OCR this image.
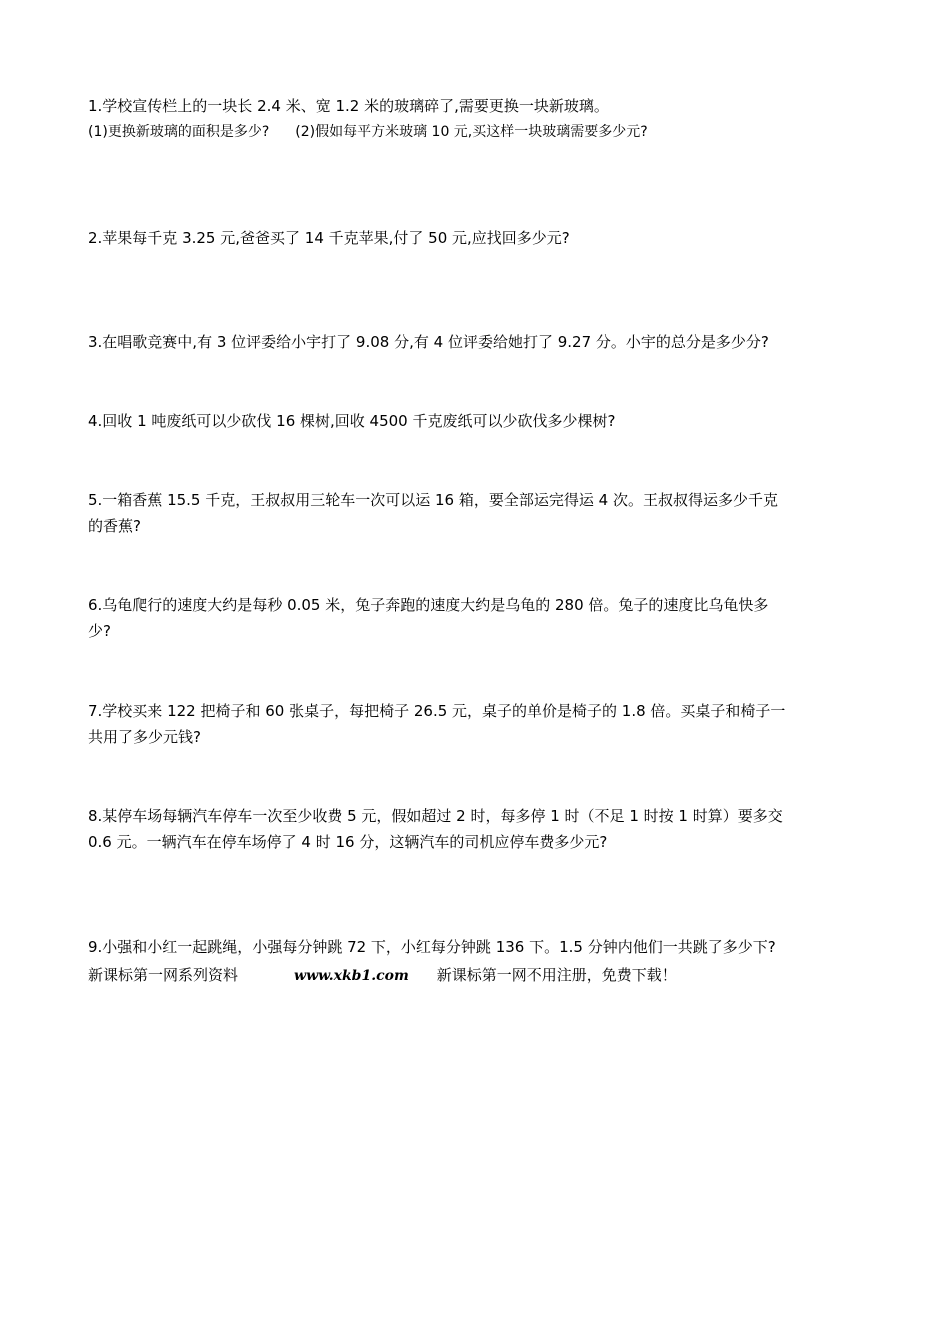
1.学校宣传栏上的一块长 2.4 米、宽 1.2 米的玻璃碎了,需要更换一块新玻璃。
(1)更换新玻璃的面积是多少? (2)假如每平方米玻璃 10 元,买这样一块玻璃需要多少元?
2.苹果每千克 3.25 元,爸爸买了 14 千克苹果,付了 50 元,应找回多少元?
3.在唱歌竞赛中,有 3 位评委给小宇打了 9.08 分,有 4 位评委给她打了 9.27 分。小宇的总分是多少分?
4.回收 1 吨废纸可以少砍伐 16 棵树,回收 4500 千克废纸可以少砍伐多少棵树?
5.一箱香蕉 15.5 千克，王叔叔用三轮车一次可以运 16 箱，要全部运完得运 4 次。王叔叔得运多少千克
的香蕉?
6.乌龟爬行的速度大约是每秒 0.05 米，兔子奔跑的速度大约是乌龟的 280 倍。兔子的速度比乌龟快多
少?
7.学校买来 122 把椅子和 60 张桌子，每把椅子 26.5 元，桌子的单价是椅子的 1.8 倍。买桌子和椅子一
共用了多少元钱?
8.某停车场每辆汽车停车一次至少收费 5 元，假如超过 2 时，每多停 1 时（不足 1 时按 1 时算）要多交
0.6 元。一辆汽车在停车场停了 4 时 16 分，这辆汽车的司机应停车费多少元?
9.小强和小红一起跳绳，小强每分钟跳 72 下，小红每分钟跳 136 下。1.5 分钟内他们一共跳了多少下?
新课标第一网系列资料	www.xkb1.com 新课标第一网不用注册，免费下载！
